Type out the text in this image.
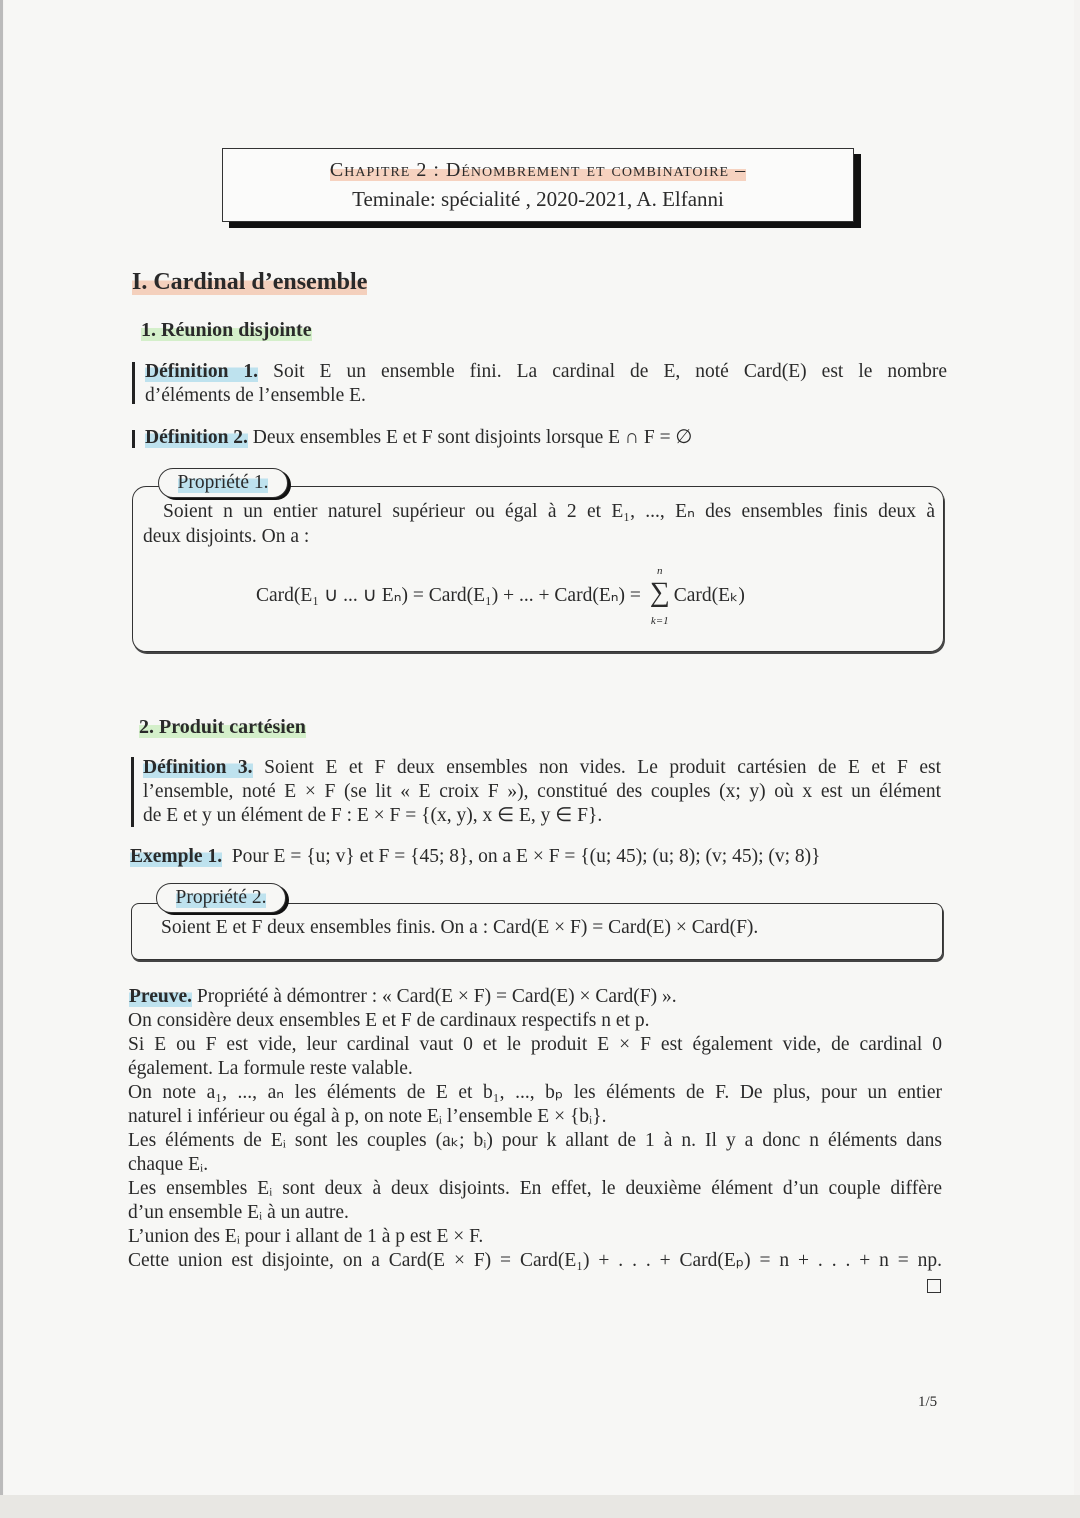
Chapitre 2 : Dénombrement et combinatoire –
Teminale: spécialité , 2020-2021, A. Elfanni
I. Cardinal d’ensemble
1. Réunion disjointe
Définition 1. Soit E un ensemble fini. La cardinal de E, noté Card(E) est le nombre
d’éléments de l’ensemble E.
Définition 2. Deux ensembles E et F sont disjoints lorsque E ∩ F = ∅
Propriété 1.
Soient n un entier naturel supérieur ou égal à 2 et E₁, ..., Eₙ des ensembles finis deux à
deux disjoints. On a :
Card(E₁ ∪ ... ∪ Eₙ) = Card(E₁) + ... + Card(Eₙ) =
n
∑
k=1
Card(Eₖ)
2. Produit cartésien
Définition 3. Soient E et F deux ensembles non vides. Le produit cartésien de E et F est
l’ensemble, noté E × F (se lit « E croix F »), constitué des couples (x; y) où x est un élément
de E et y un élément de F : E × F = {(x, y), x ∈ E, y ∈ F}.
Exemple 1. Pour E = {u; v} et F = {45; 8}, on a E × F = {(u; 45); (u; 8); (v; 45); (v; 8)}
Propriété 2.
Soient E et F deux ensembles finis. On a : Card(E × F) = Card(E) × Card(F).
Preuve. Propriété à démontrer : « Card(E × F) = Card(E) × Card(F) ».
On considère deux ensembles E et F de cardinaux respectifs n et p.
Si E ou F est vide, leur cardinal vaut 0 et le produit E × F est également vide, de cardinal 0
également. La formule reste valable.
On note a₁, ..., aₙ les éléments de E et b₁, ..., bₚ les éléments de F. De plus, pour un entier
naturel i inférieur ou égal à p, on note Eᵢ l’ensemble E × {bᵢ}.
Les éléments de Eᵢ sont les couples (aₖ; bᵢ) pour k allant de 1 à n. Il y a donc n éléments dans
chaque Eᵢ.
Les ensembles Eᵢ sont deux à deux disjoints. En effet, le deuxième élément d’un couple diffère
d’un ensemble Eᵢ à un autre.
L’union des Eᵢ pour i allant de 1 à p est E × F.
Cette union est disjointe, on a Card(E × F) = Card(E₁) + . . . + Card(Eₚ) = n + . . . + n = np.
1/5
